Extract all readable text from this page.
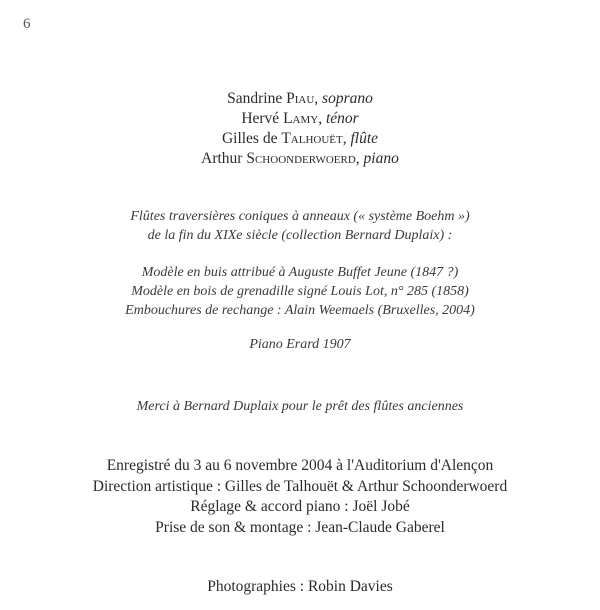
6
Sandrine Piau, soprano
Hervé Lamy, ténor
Gilles de Talhouët, flûte
Arthur Schoonderwoerd, piano
Flûtes traversières coniques à anneaux (« système Boehm »)
de la fin du XIXe siècle (collection Bernard Duplaix) :
Modèle en buis attribué à Auguste Buffet Jeune (1847 ?)
Modèle en bois de grenadille signé Louis Lot, n° 285 (1858)
Embouchures de rechange : Alain Weemaels (Bruxelles, 2004)
Piano Erard 1907
Merci à Bernard Duplaix pour le prêt des flûtes anciennes
Enregistré du 3 au 6 novembre 2004 à l'Auditorium d'Alençon
Direction artistique : Gilles de Talhouët & Arthur Schoonderwoerd
Réglage & accord piano : Joël Jobé
Prise de son & montage : Jean-Claude Gaberel
Photographies : Robin Davies
